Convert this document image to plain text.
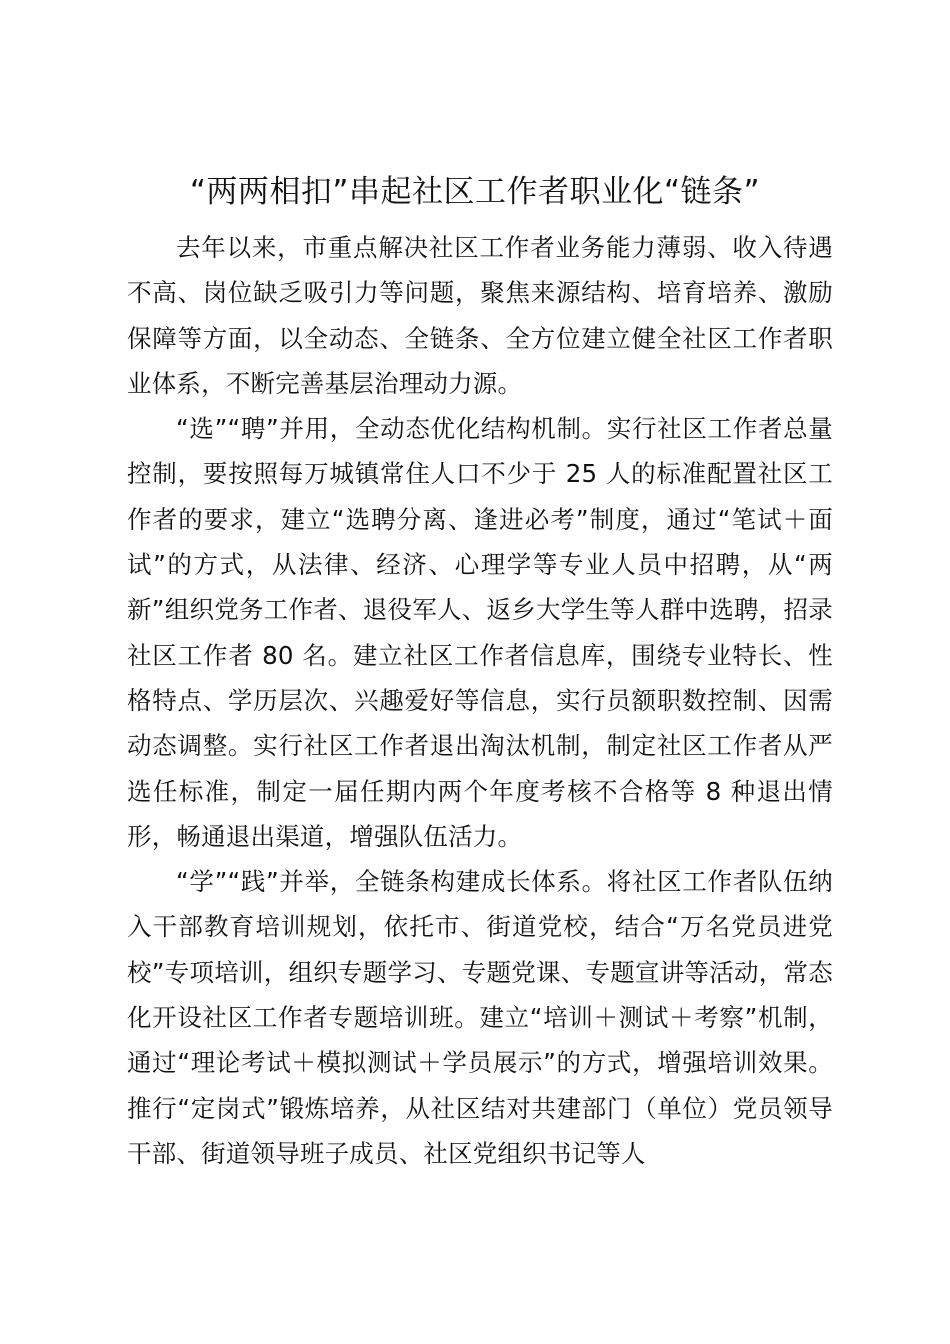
“两两相扣”串起社区工作者职业化“链条”

去年以来，市重点解决社区工作者业务能力薄弱、收入待遇不高、岗位缺乏吸引力等问题，聚焦来源结构、培育培养、激励保障等方面，以全动态、全链条、全方位建立健全社区工作者职业体系，不断完善基层治理动力源。

“选”“聘”并用，全动态优化结构机制。实行社区工作者总量控制，要按照每万城镇常住人口不少于 25 人的标准配置社区工作者的要求，建立“选聘分离、逢进必考”制度，通过“笔试＋面试”的方式，从法律、经济、心理学等专业人员中招聘，从“两新”组织党务工作者、退役军人、返乡大学生等人群中选聘，招录社区工作者 80 名。建立社区工作者信息库，围绕专业特长、性格特点、学历层次、兴趣爱好等信息，实行员额职数控制、因需动态调整。实行社区工作者退出淘汰机制，制定社区工作者从严选任标准，制定一届任期内两个年度考核不合格等 8 种退出情形，畅通退出渠道，增强队伍活力。

“学”“践”并举，全链条构建成长体系。将社区工作者队伍纳入干部教育培训规划，依托市、街道党校，结合“万名党员进党校”专项培训，组织专题学习、专题党课、专题宣讲等活动，常态化开设社区工作者专题培训班。建立“培训＋测试＋考察”机制，通过“理论考试＋模拟测试＋学员展示”的方式，增强培训效果。推行“定岗式”锻炼培养，从社区结对共建部门（单位）党员领导干部、街道领导班子成员、社区党组织书记等人
